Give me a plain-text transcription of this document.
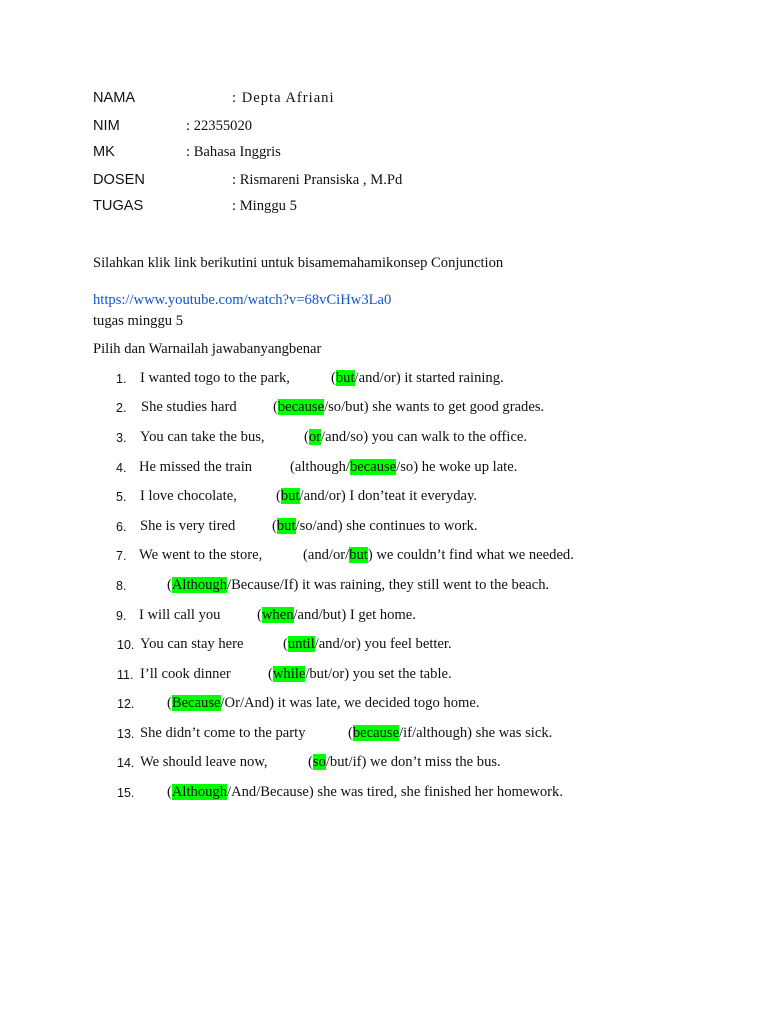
NAMA	: Depta Afriani
NIM	: 22355020
MK	: Bahasa Inggris
DOSEN	: Rismareni Pransiska , M.Pd
TUGAS	: Minggu 5
Silahkan klik link berikutini untuk bisamemahamikonsep Conjunction
https://www.youtube.com/watch?v=68vCiHw3La0
tugas minggu 5
Pilih dan Warnailah jawabanyangbenar
1. I wanted togo to the park,	(but/and/or) it started raining.
2. She studies hard (because/so/but) she wants to get good grades.
3. You can take the bus,	(or/and/so) you can walk to the office.
4. He missed the train	(although/because/so) he woke up late.
5. I love chocolate,	(but/and/or) I don’teat it everyday.
6. She is very tired	(but/so/and) she continues to work.
7. We went to the store,	(and/or/but) we couldn’t find what we needed.
8.	(Although/Because/If) it was raining, they still went to the beach.
9. I will call you	(when/and/but) I get home.
10. You can stay here	(until/and/or) you feel better.
11. I’ll cook dinner	(while/but/or) you set the table.
12. (Because/Or/And) it was late, we decided togo home.
13. She didn’t come to the party	(because/if/although) she was sick.
14. We should leave now,	(so/but/if) we don’t miss the bus.
15. (Although/And/Because) she was tired, she finished her homework.
